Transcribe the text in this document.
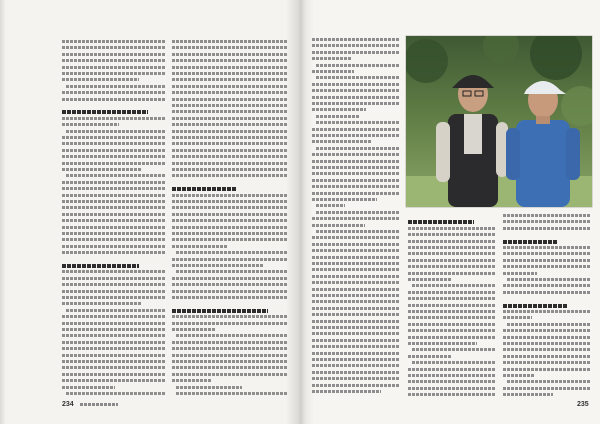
234	235
